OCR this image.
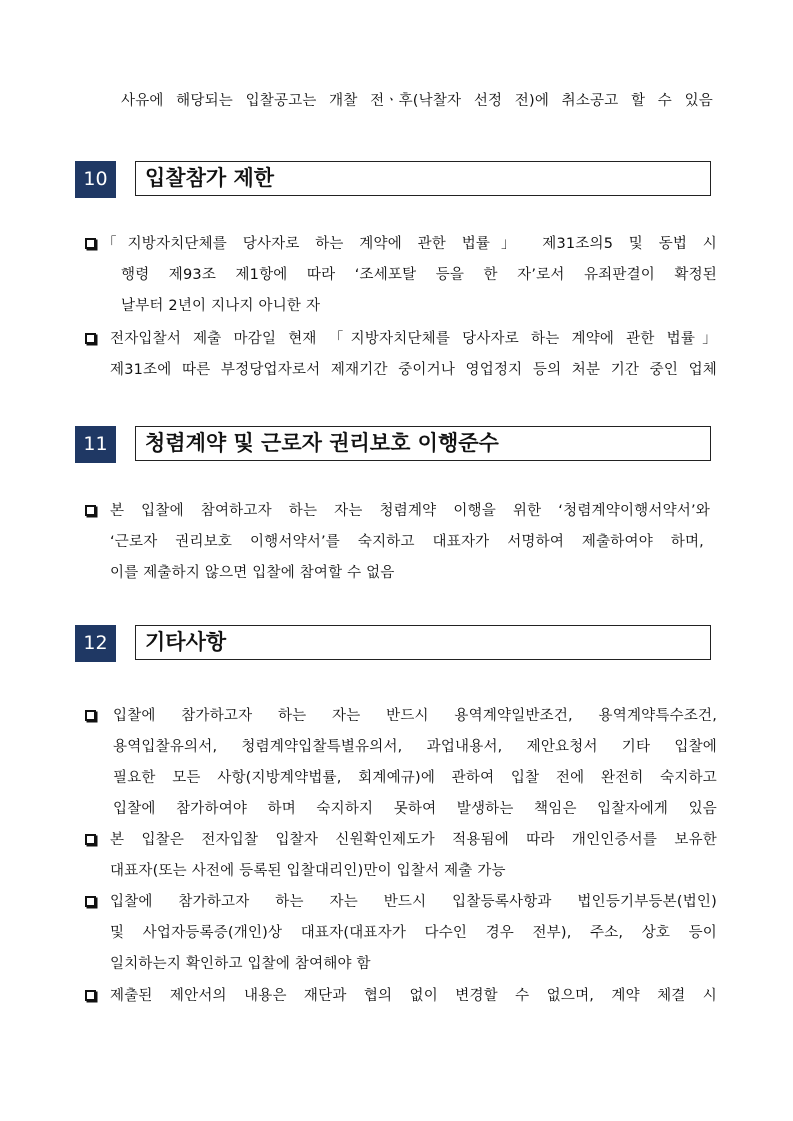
사유에 해당되는 입찰공고는 개찰 전ㆍ후(낙찰자 선정 전)에 취소공고 할 수 있음
10	입찰참가 제한
「지방자치단체를 당사자로 하는 계약에 관한 법률」 제31조의5 및 동법 시
행령 제93조 제1항에 따라 ‘조세포탈 등을 한 자’로서 유죄판결이 확정된
날부터 2년이 지나지 아니한 자
전자입찰서 제출 마감일 현재 「지방자치단체를 당사자로 하는 계약에 관한 법률」
제31조에 따른 부정당업자로서 제재기간 중이거나 영업정지 등의 처분 기간 중인 업체
11	청렴계약 및 근로자 권리보호 이행준수
본 입찰에 참여하고자 하는 자는 청렴계약 이행을 위한 ‘청렴계약이행서약서’와
‘근로자 권리보호 이행서약서’를 숙지하고 대표자가 서명하여 제출하여야 하며,
이를 제출하지 않으면 입찰에 참여할 수 없음
12	기타사항
입찰에 참가하고자 하는 자는 반드시 용역계약일반조건, 용역계약특수조건,
용역입찰유의서, 청렴계약입찰특별유의서, 과업내용서, 제안요청서 기타 입찰에
필요한 모든 사항(지방계약법률, 회계예규)에 관하여 입찰 전에 완전히 숙지하고
입찰에 참가하여야 하며 숙지하지 못하여 발생하는 책임은 입찰자에게 있음
본 입찰은 전자입찰 입찰자 신원확인제도가 적용됨에 따라 개인인증서를 보유한
대표자(또는 사전에 등록된 입찰대리인)만이 입찰서 제출 가능
입찰에 참가하고자 하는 자는 반드시 입찰등록사항과 법인등기부등본(법인)
및 사업자등록증(개인)상 대표자(대표자가 다수인 경우 전부), 주소, 상호 등이
일치하는지 확인하고 입찰에 참여해야 함
제출된 제안서의 내용은 재단과 협의 없이 변경할 수 없으며, 계약 체결 시
